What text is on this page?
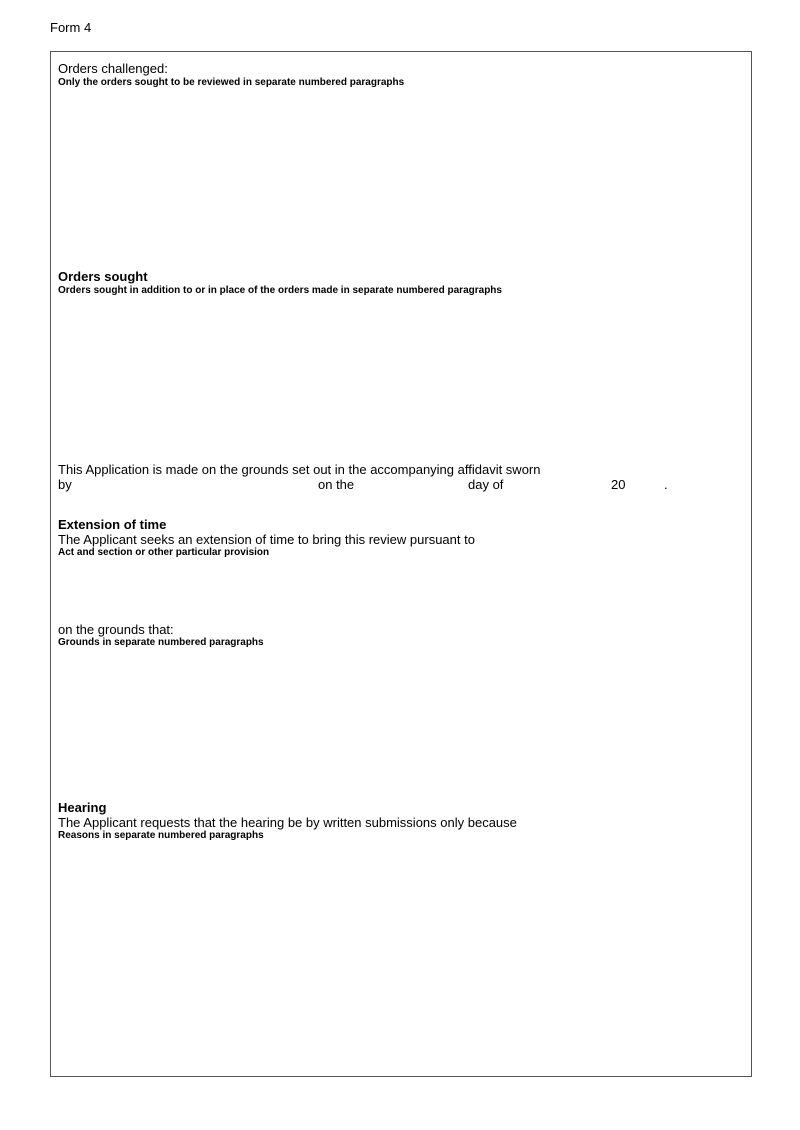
Form 4
Orders challenged:
Only the orders sought to be reviewed in separate numbered paragraphs
Orders sought
Orders sought in addition to or in place of the orders made in separate numbered paragraphs
This Application is made on the grounds set out in the accompanying affidavit sworn
by	on the	day of	20	.
Extension of time
The Applicant seeks an extension of time to bring this review pursuant to
Act and section or other particular provision
on the grounds that:
Grounds in separate numbered paragraphs
Hearing
The Applicant requests that the hearing be by written submissions only because
Reasons in separate numbered paragraphs
